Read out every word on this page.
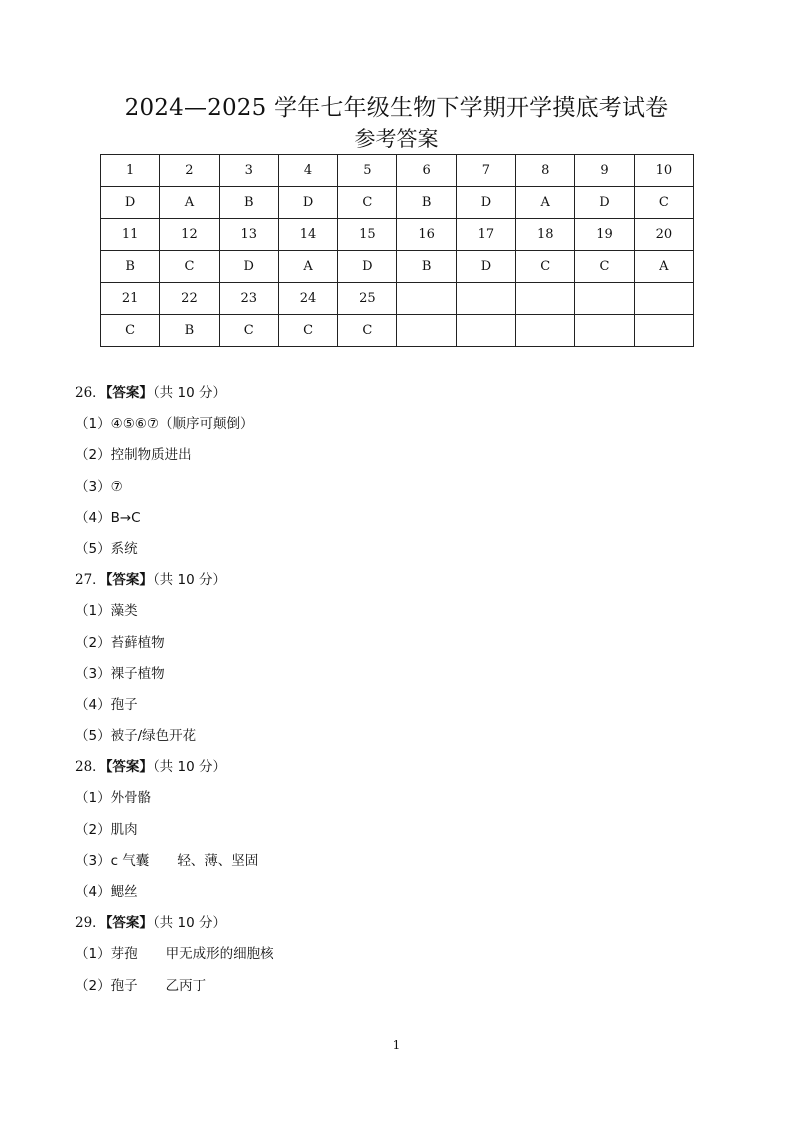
2024—2025 学年七年级生物下学期开学摸底考试卷
参考答案
1	2	3	4	5	6	7	8	9	10
D	A	B	D	C	B	D	A	D	C
11	12	13	14	15	16	17	18	19	20
B	C	D	A	D	B	D	C	C	A
21	22	23	24	25					
C	B	C	C	C					
26．【答案】（共 10 分）
（1）④⑤⑥⑦（顺序可颠倒）
（2）控制物质进出
（3）⑦
（4）B→C
（5）系统
27．【答案】（共 10 分）
（1）藻类
（2）苔藓植物
（3）裸子植物
（4）孢子
（5）被子/绿色开花
28．【答案】（共 10 分）
（1）外骨骼
（2）肌肉
（3）c 气囊 轻、薄、坚固
（4）鳃丝
29．【答案】（共 10 分）
（1）芽孢 甲无成形的细胞核
（2）孢子 乙丙丁
1
